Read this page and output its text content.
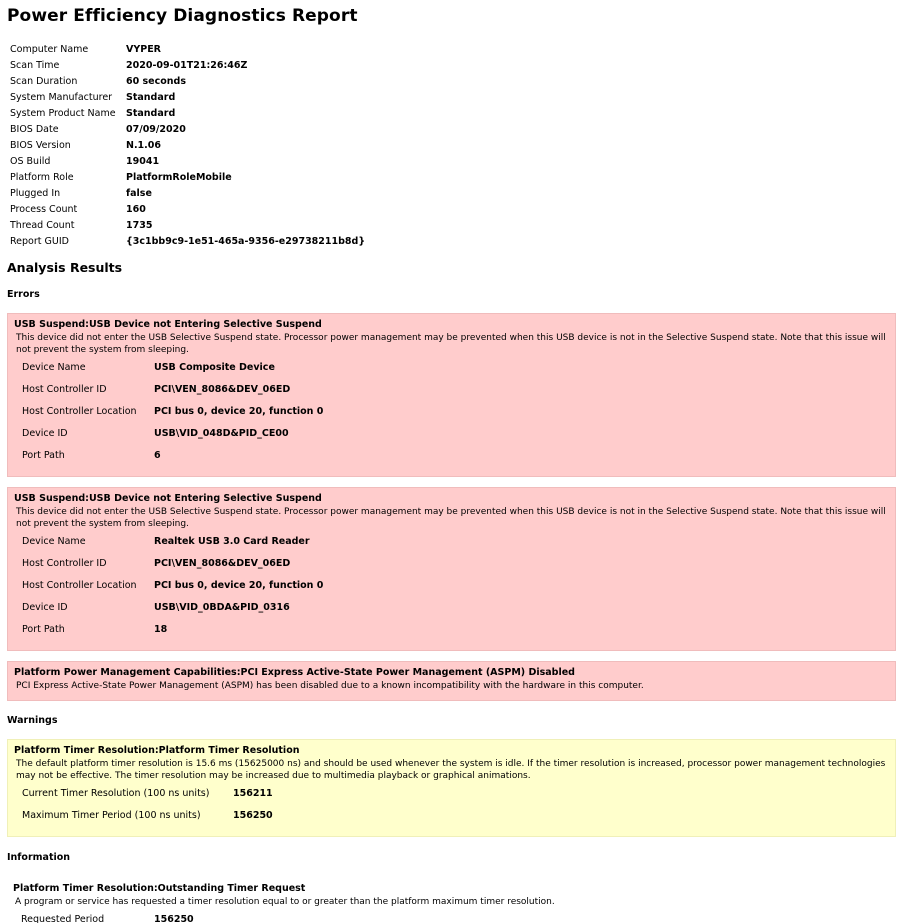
Power Efficiency Diagnostics Report
Computer Name	VYPER
Scan Time	2020-09-01T21:26:46Z
Scan Duration	60 seconds
System Manufacturer	Standard
System Product Name	Standard
BIOS Date	07/09/2020
BIOS Version	N.1.06
OS Build	19041
Platform Role	PlatformRoleMobile
Plugged In	false
Process Count	160
Thread Count	1735
Report GUID	{3c1bb9c9-1e51-465a-9356-e29738211b8d}
Analysis Results
Errors
USB Suspend:USB Device not Entering Selective Suspend
This device did not enter the USB Selective Suspend state. Processor power management may be prevented when this USB device is not in the Selective Suspend state. Note that this issue will not prevent the system from sleeping.
Device Name	USB Composite Device
Host Controller ID	PCI\VEN_8086&DEV_06ED
Host Controller Location	PCI bus 0, device 20, function 0
Device ID	USB\VID_048D&PID_CE00
Port Path	6
USB Suspend:USB Device not Entering Selective Suspend
This device did not enter the USB Selective Suspend state. Processor power management may be prevented when this USB device is not in the Selective Suspend state. Note that this issue will not prevent the system from sleeping.
Device Name	Realtek USB 3.0 Card Reader
Host Controller ID	PCI\VEN_8086&DEV_06ED
Host Controller Location	PCI bus 0, device 20, function 0
Device ID	USB\VID_0BDA&PID_0316
Port Path	18
Platform Power Management Capabilities:PCI Express Active-State Power Management (ASPM) Disabled
PCI Express Active-State Power Management (ASPM) has been disabled due to a known incompatibility with the hardware in this computer.
Warnings
Platform Timer Resolution:Platform Timer Resolution
The default platform timer resolution is 15.6 ms (15625000 ns) and should be used whenever the system is idle. If the timer resolution is increased, processor power management technologies may not be effective. The timer resolution may be increased due to multimedia playback or graphical animations.
Current Timer Resolution (100 ns units)	156211
Maximum Timer Period (100 ns units)	156250
Information
Platform Timer Resolution:Outstanding Timer Request
A program or service has requested a timer resolution equal to or greater than the platform maximum timer resolution.
Requested Period	156250
